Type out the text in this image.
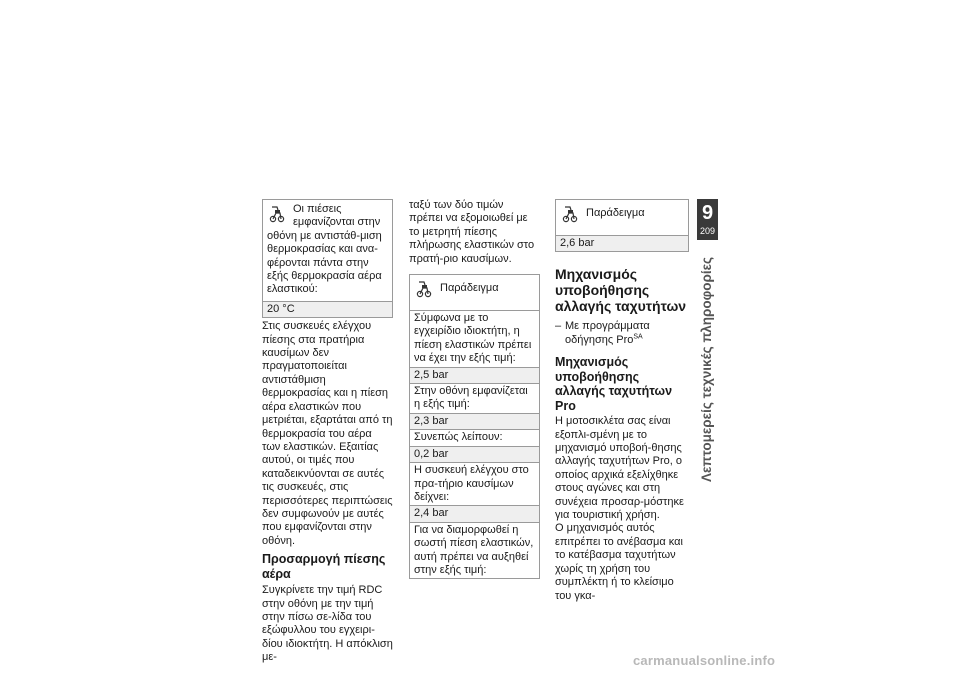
Οι πιέσεις εμφανίζονται στην οθόνη με αντιστάθ-μιση θερμοκρασίας και ανα-φέρονται πάντα στην εξής θερμοκρασία αέρα ελαστικού:
20 °C

Στις συσκευές ελέγχου πίεσης στα πρατήρια καυσίμων δεν πραγματοποιείται αντιστάθμιση θερμοκρασίας και η πίεση αέρα ελαστικών που μετριέται, εξαρτάται από τη θερμοκρασία του αέρα των ελαστικών. Εξαιτίας αυτού, οι τιμές που καταδεικνύονται σε αυτές τις συσκευές, στις περισσότερες περιπτώσεις δεν συμφωνούν με αυτές που εμφανίζονται στην οθόνη.

Προσαρμογή πίεσης αέρα

Συγκρίνετε την τιμή RDC στην οθόνη με την τιμή στην πίσω σε-λίδα του εξώφυλλου του εγχειρι-δίου ιδιοκτήτη. Η απόκλιση με-

ταξύ των δύο τιμών πρέπει να εξομοιωθεί με το μετρητή πίεσης πλήρωσης ελαστικών στο πρατή-ριο καυσίμων.

Παράδειγμα
Σύμφωνα με το εγχειρίδιο ιδιοκτήτη, η πίεση ελαστικών πρέπει να έχει την εξής τιμή:
2,5 bar
Στην οθόνη εμφανίζεται η εξής τιμή:
2,3 bar
Συνεπώς λείπουν:
0,2 bar
Η συσκευή ελέγχου στο πρα-τήριο καυσίμων δείχνει:
2,4 bar
Για να διαμορφωθεί η σωστή πίεση ελαστικών, αυτή πρέπει να αυξηθεί στην εξής τιμή:
Παράδειγμα
2,6 bar
Μηχανισμός υποβοήθησης αλλαγής ταχυτήτων
– Με προγράμματα οδήγησης Pro$^{SA}$
Μηχανισμός υποβοήθησης αλλαγής ταχυτήτων Pro

Η μοτοσικλέτα σας είναι εξοπλι-σμένη με το μηχανισμό υποβοή-θησης αλλαγής ταχυτήτων Pro, ο οποίος αρχικά εξελίχθηκε στους αγώνες και στη συνέχεια προσαρ-μόστηκε για τουριστική χρήση.

Ο μηχανισμός αυτός επιτρέπει το ανέβασμα και το κατέβασμα ταχυτήτων χωρίς τη χρήση του συμπλέκτη ή το κλείσιμο του γκα-

9
209
Λεπτομερείς τεχνικές πληροφορίες
carmanualsonline.info
